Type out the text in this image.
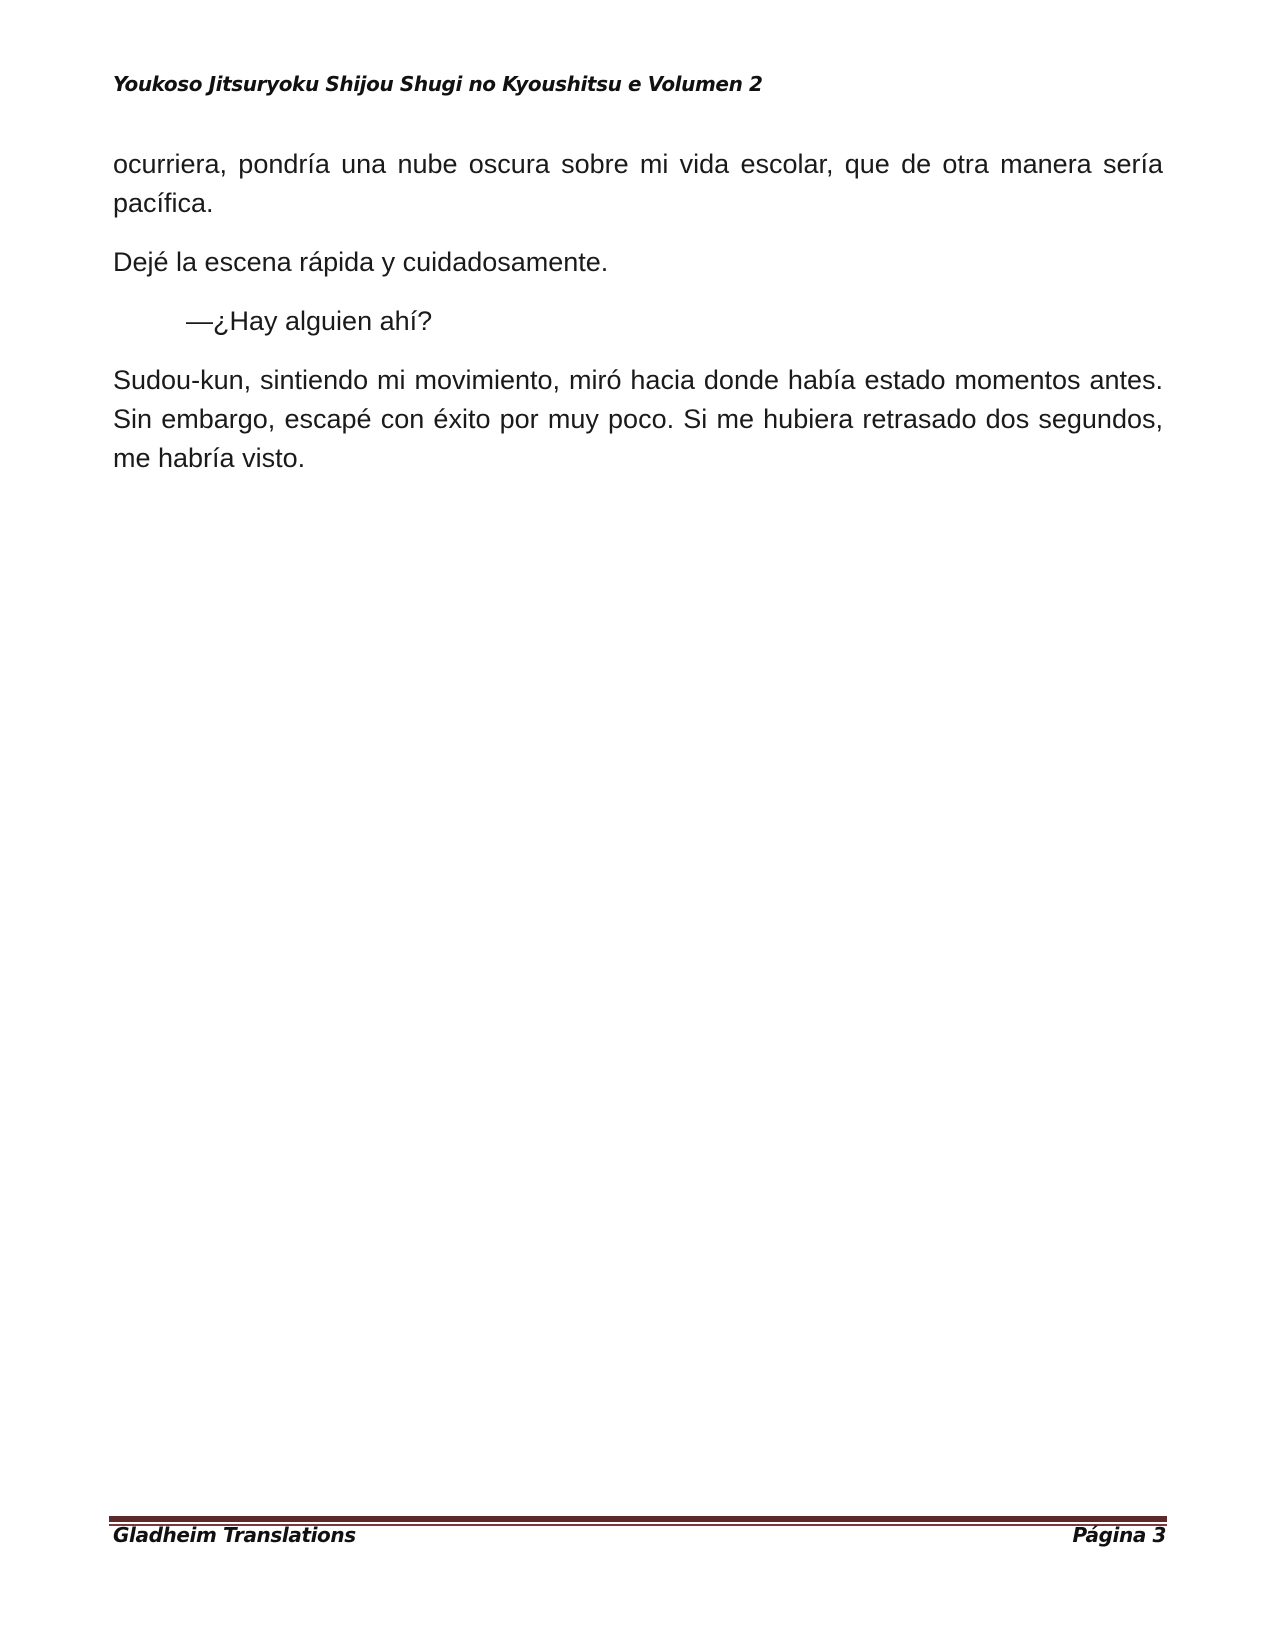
Youkoso Jitsuryoku Shijou Shugi no Kyoushitsu e Volumen 2

ocurriera, pondría una nube oscura sobre mi vida escolar, que de otra manera sería pacífica.

Dejé la escena rápida y cuidadosamente.

—¿Hay alguien ahí?

Sudou-kun, sintiendo mi movimiento, miró hacia donde había estado momentos antes. Sin embargo, escapé con éxito por muy poco. Si me hubiera retrasado dos segundos, me habría visto.

Gladheim Translations	Página 3
